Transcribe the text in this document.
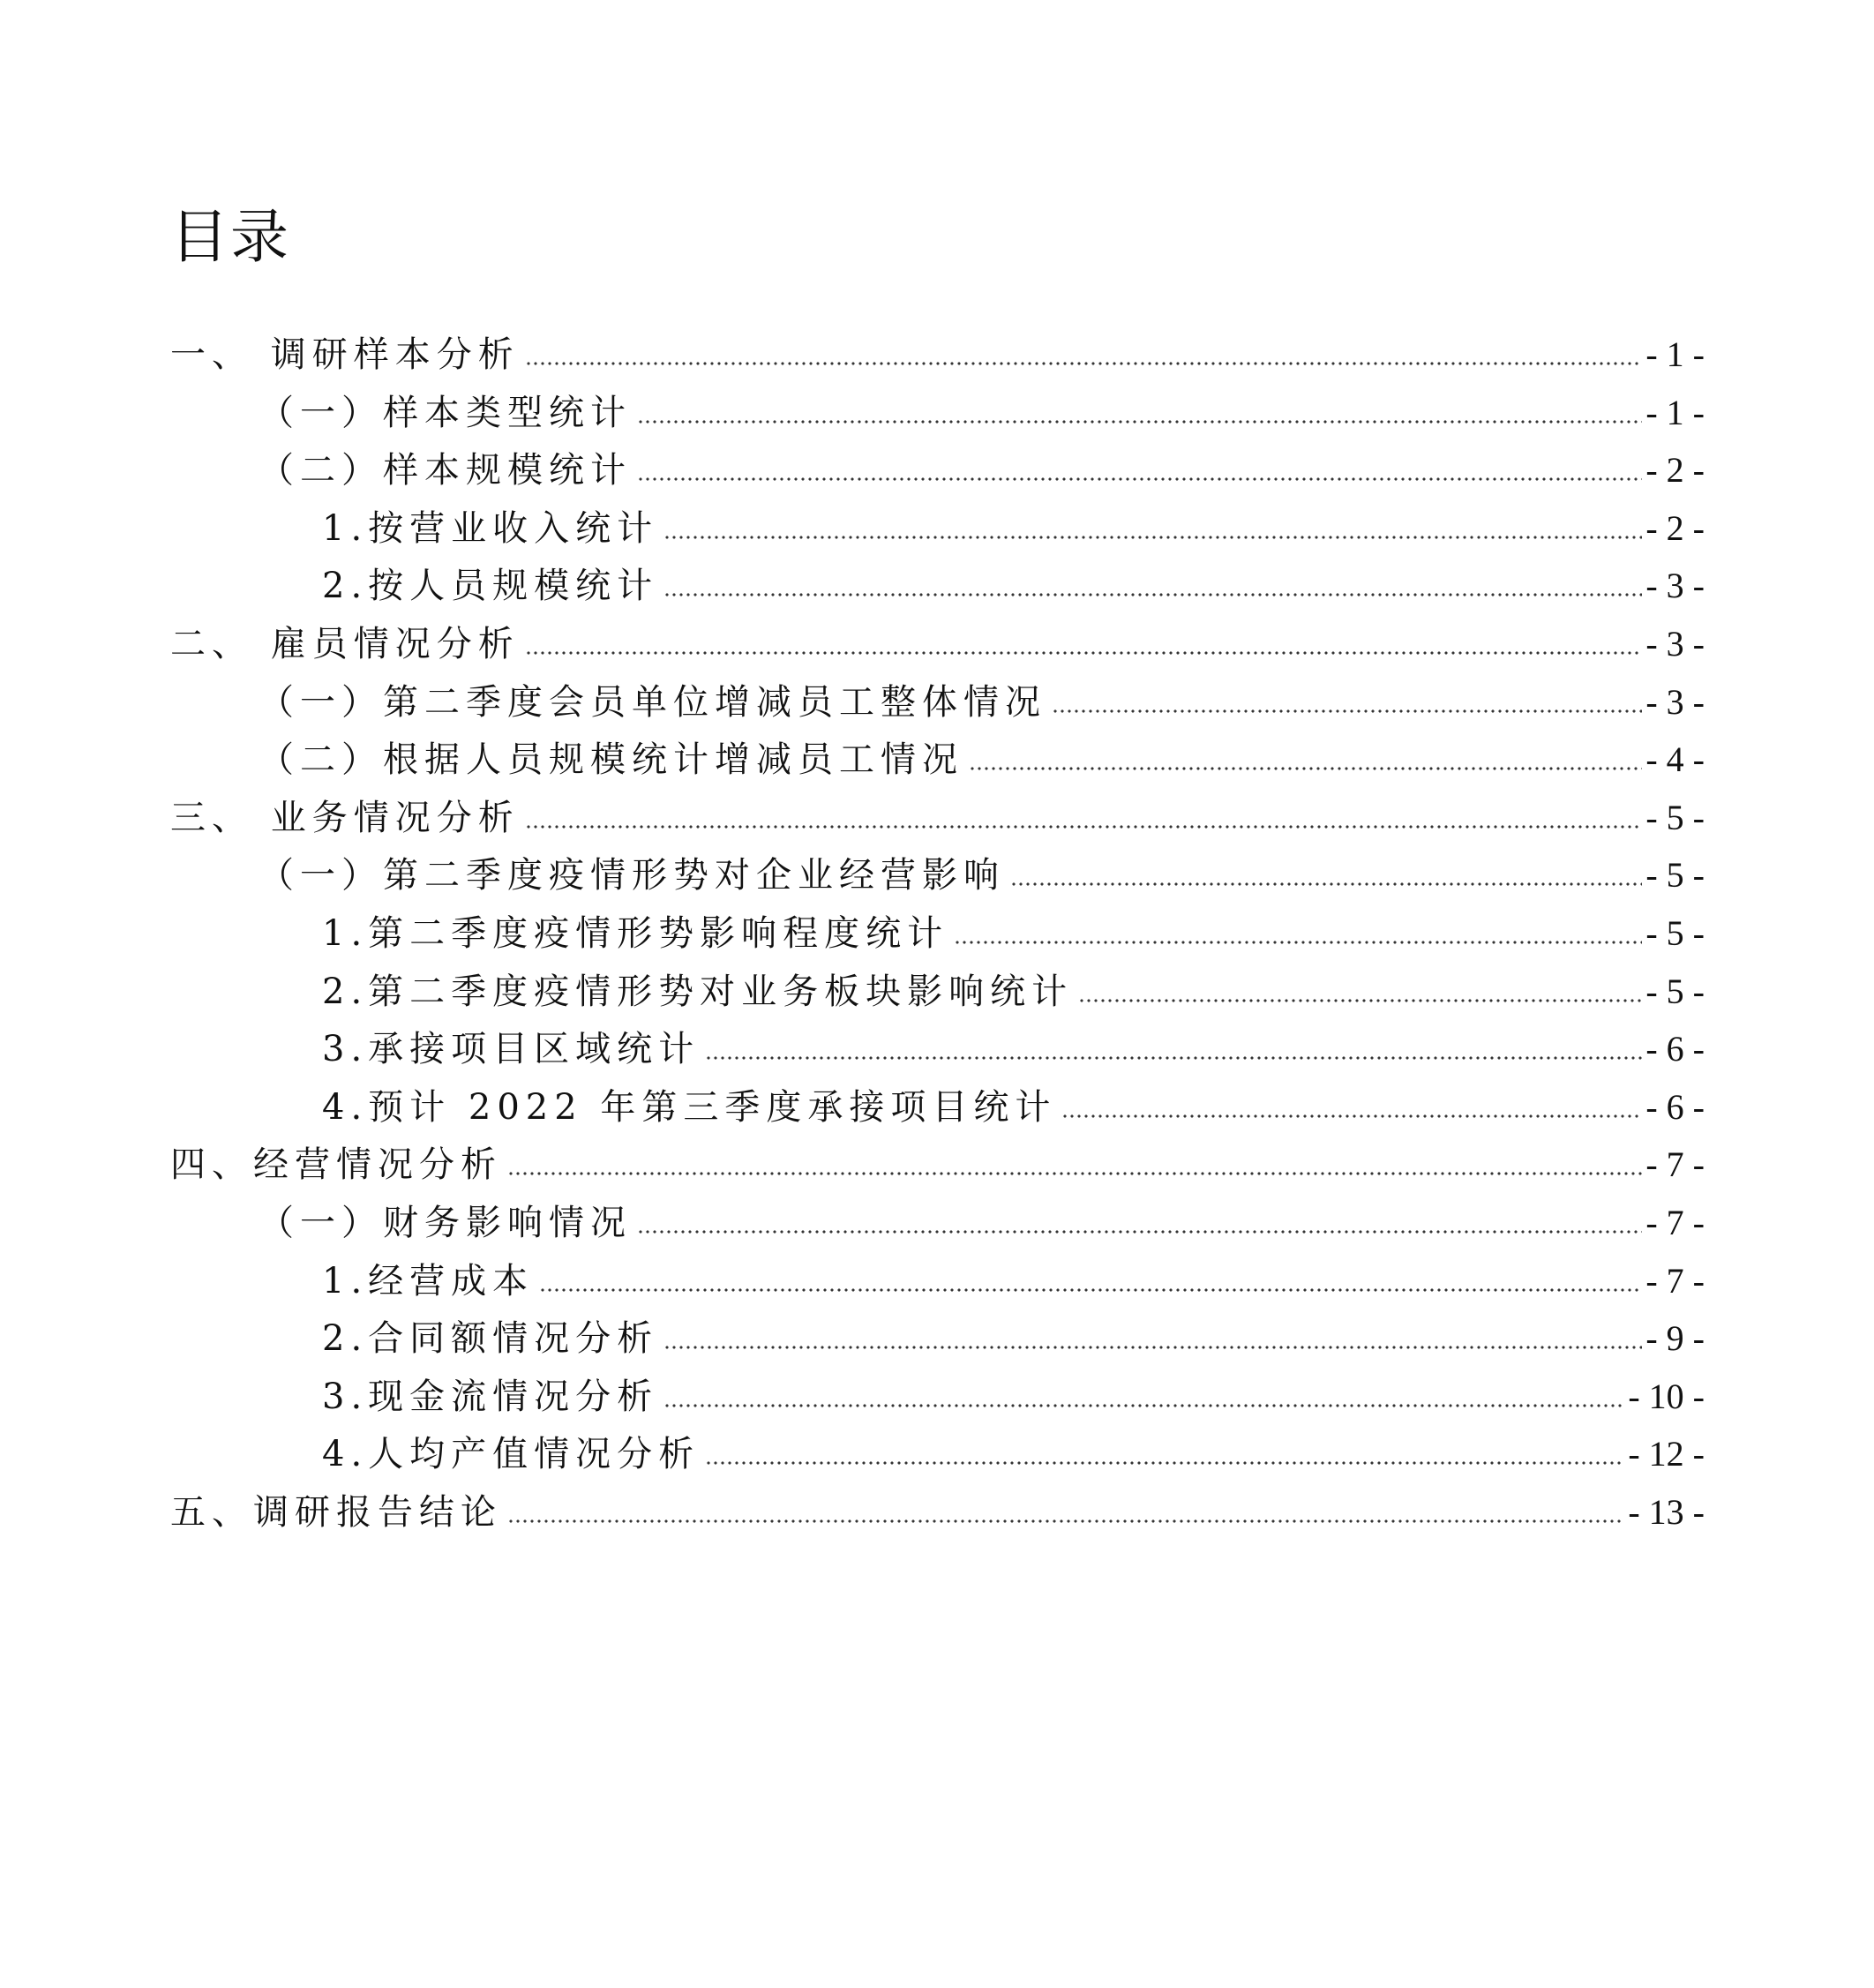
目录
一、 调研样本分析	- 1 -
（一）样本类型统计	- 1 -
（二）样本规模统计	- 2 -
1.按营业收入统计	- 2 -
2.按人员规模统计	- 3 -
二、 雇员情况分析	- 3 -
（一）第二季度会员单位增减员工整体情况	- 3 -
（二）根据人员规模统计增减员工情况	- 4 -
三、 业务情况分析	- 5 -
（一）第二季度疫情形势对企业经营影响	- 5 -
1.第二季度疫情形势影响程度统计	- 5 -
2.第二季度疫情形势对业务板块影响统计	- 5 -
3.承接项目区域统计	- 6 -
4.预计 2022 年第三季度承接项目统计	- 6 -
四、经营情况分析	- 7 -
（一）财务影响情况	- 7 -
1.经营成本	- 7 -
2.合同额情况分析	- 9 -
3.现金流情况分析	- 10 -
4.人均产值情况分析	- 12 -
五、调研报告结论	- 13 -
